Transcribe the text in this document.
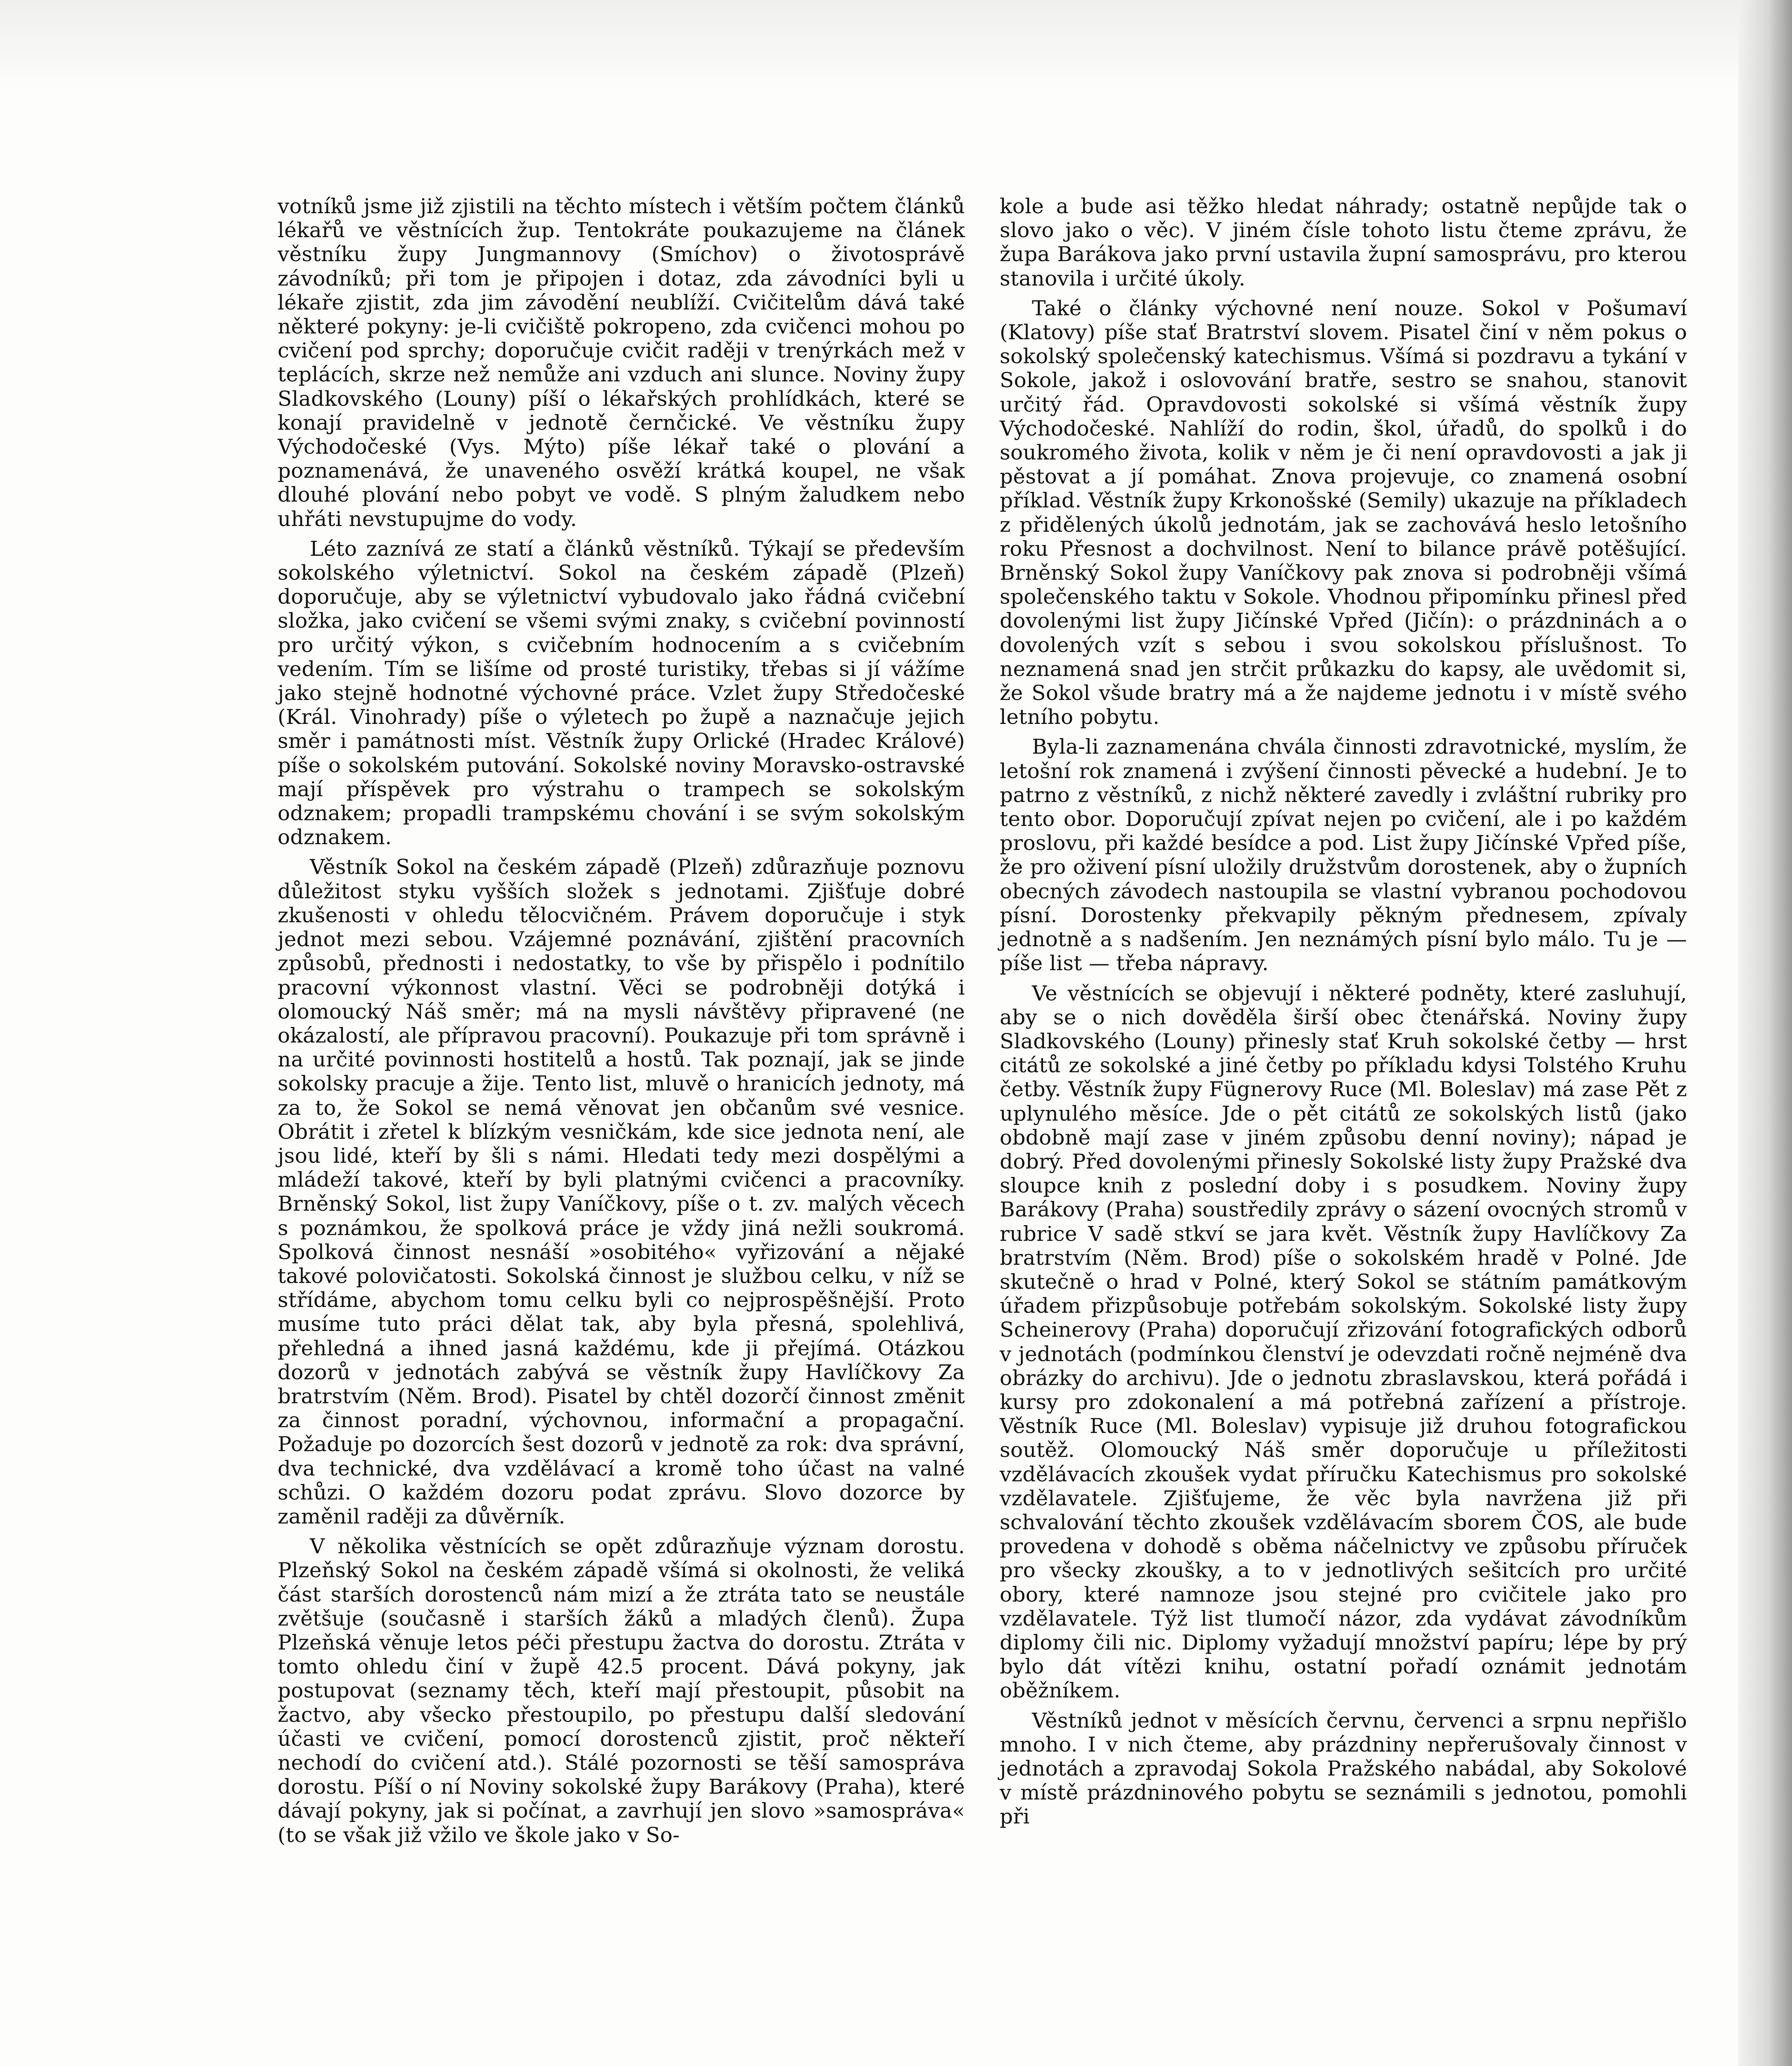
votníků jsme již zjistili na těchto místech i větším počtem článků lékařů ve věstnících žup. Tentokráte poukazujeme na článek věstníku župy Jungmannovy (Smíchov) o životosprávě závodníků; při tom je připojen i dotaz, zda závodníci byli u lékaře zjistit, zda jim závodění neublíží. Cvičitelům dává také některé pokyny: je-li cvičiště pokropeno, zda cvičenci mohou po cvičení pod sprchy; doporučuje cvičit raději v trenýrkách mež v teplácích, skrze než nemůže ani vzduch ani slunce. Noviny župy Sladkovského (Louny) píší o lékařských prohlídkách, které se konají pravidelně v jednotě černčické. Ve věstníku župy Východočeské (Vys. Mýto) píše lékař také o plování a poznamenává, že unaveného osvěží krátká koupel, ne však dlouhé plování nebo pobyt ve vodě. S plným žaludkem nebo uhřáti nevstupujme do vody.

Léto zaznívá ze statí a článků věstníků. Týkají se především sokolského výletnictví. Sokol na českém západě (Plzeň) doporučuje, aby se výletnictví vybudovalo jako řádná cvičební složka, jako cvičení se všemi svými znaky, s cvičební povinností pro určitý výkon, s cvičebním hodnocením a s cvičebním vedením. Tím se lišíme od prosté turistiky, třebas si jí vážíme jako stejně hodnotné výchovné práce. Vzlet župy Středočeské (Král. Vinohrady) píše o výletech po župě a naznačuje jejich směr i památnosti míst. Věstník župy Orlické (Hradec Králové) píše o sokolském putování. Sokolské noviny Moravsko-ostravské mají příspěvek pro výstrahu o trampech se sokolským odznakem; propadli trampskému chování i se svým sokolským odznakem.

Věstník Sokol na českém západě (Plzeň) zdůrazňuje poznovu důležitost styku vyšších složek s jednotami. Zjišťuje dobré zkušenosti v ohledu tělocvičném. Právem doporučuje i styk jednot mezi sebou. Vzájemné poznávání, zjištění pracovních způsobů, přednosti i nedostatky, to vše by přispělo i podnítilo pracovní výkonnost vlastní. Věci se podrobněji dotýká i olomoucký Náš směr; má na mysli návštěvy připravené (ne okázalostí, ale přípravou pracovní). Poukazuje při tom správně i na určité povinnosti hostitelů a hostů. Tak poznají, jak se jinde sokolsky pracuje a žije. Tento list, mluvě o hranicích jednoty, má za to, že Sokol se nemá věnovat jen občanům své vesnice. Obrátit i zřetel k blízkým vesničkám, kde sice jednota není, ale jsou lidé, kteří by šli s námi. Hledati tedy mezi dospělými a mládeží takové, kteří by byli platnými cvičenci a pracovníky. Brněnský Sokol, list župy Vaníčkovy, píše o t. zv. malých věcech s poznámkou, že spolková práce je vždy jiná nežli soukromá. Spolková činnost nesnáší »osobitého« vyřizování a nějaké takové polovičatosti. Sokolská činnost je službou celku, v níž se střídáme, abychom tomu celku byli co nejprospěšnější. Proto musíme tuto práci dělat tak, aby byla přesná, spolehlivá, přehledná a ihned jasná každému, kde ji přejímá. Otázkou dozorů v jednotách zabývá se věstník župy Havlíčkovy Za bratrstvím (Něm. Brod). Pisatel by chtěl dozorčí činnost změnit za činnost poradní, výchovnou, informační a propagační. Požaduje po dozorcích šest dozorů v jednotě za rok: dva správní, dva technické, dva vzdělávací a kromě toho účast na valné schůzi. O každém dozoru podat zprávu. Slovo dozorce by zaměnil raději za důvěrník.

V několika věstnících se opět zdůrazňuje význam dorostu. Plzeňský Sokol na českém západě všímá si okolnosti, že veliká část starších dorostenců nám mizí a že ztráta tato se neustále zvětšuje (současně i starších žáků a mladých členů). Župa Plzeňská věnuje letos péči přestupu žactva do dorostu. Ztráta v tomto ohledu činí v župě 42.5 procent. Dává pokyny, jak postupovat (seznamy těch, kteří mají přestoupit, působit na žactvo, aby všecko přestoupilo, po přestupu další sledování účasti ve cvičení, pomocí dorostenců zjistit, proč někteří nechodí do cvičení atd.). Stálé pozornosti se těší samospráva dorostu. Píší o ní Noviny sokolské župy Barákovy (Praha), které dávají pokyny, jak si počínat, a zavrhují jen slovo »samospráva« (to se však již vžilo ve škole jako v So-

kole a bude asi těžko hledat náhrady; ostatně nepůjde tak o slovo jako o věc). V jiném čísle tohoto listu čteme zprávu, že župa Barákova jako první ustavila župní samosprávu, pro kterou stanovila i určité úkoly.

Také o články výchovné není nouze. Sokol v Pošumaví (Klatovy) píše stať Bratrství slovem. Pisatel činí v něm pokus o sokolský společenský katechismus. Všímá si pozdravu a tykání v Sokole, jakož i oslovování bratře, sestro se snahou, stanovit určitý řád. Opravdovosti sokolské si všímá věstník župy Východočeské. Nahlíží do rodin, škol, úřadů, do spolků i do soukromého života, kolik v něm je či není opravdovosti a jak ji pěstovat a jí pomáhat. Znova projevuje, co znamená osobní příklad. Věstník župy Krkonošské (Semily) ukazuje na příkladech z přidělených úkolů jednotám, jak se zachovává heslo letošního roku Přesnost a dochvilnost. Není to bilance právě potěšující. Brněnský Sokol župy Vaníčkovy pak znova si podrobněji všímá společenského taktu v Sokole. Vhodnou připomínku přinesl před dovolenými list župy Jičínské Vpřed (Jičín): o prázdninách a o dovolených vzít s sebou i svou sokolskou příslušnost. To neznamená snad jen strčit průkazku do kapsy, ale uvědomit si, že Sokol všude bratry má a že najdeme jednotu i v místě svého letního pobytu.

Byla-li zaznamenána chvála činnosti zdravotnické, myslím, že letošní rok znamená i zvýšení činnosti pěvecké a hudební. Je to patrno z věstníků, z nichž některé zavedly i zvláštní rubriky pro tento obor. Doporučují zpívat nejen po cvičení, ale i po každém proslovu, při každé besídce a pod. List župy Jičínské Vpřed píše, že pro oživení písní uložily družstvům dorostenek, aby o župních obecných závodech nastoupila se vlastní vybranou pochodovou písní. Dorostenky překvapily pěkným přednesem, zpívaly jednotně a s nadšením. Jen neznámých písní bylo málo. Tu je — píše list — třeba nápravy.

Ve věstnících se objevují i některé podněty, které zasluhují, aby se o nich dověděla širší obec čtenářská. Noviny župy Sladkovského (Louny) přinesly stať Kruh sokolské četby — hrst citátů ze sokolské a jiné četby po příkladu kdysi Tolstého Kruhu četby. Věstník župy Fügnerovy Ruce (Ml. Boleslav) má zase Pět z uplynulého měsíce. Jde o pět citátů ze sokolských listů (jako obdobně mají zase v jiném způsobu denní noviny); nápad je dobrý. Před dovolenými přinesly Sokolské listy župy Pražské dva sloupce knih z poslední doby i s posudkem. Noviny župy Barákovy (Praha) soustředily zprávy o sázení ovocných stromů v rubrice V sadě stkví se jara květ. Věstník župy Havlíčkovy Za bratrstvím (Něm. Brod) píše o sokolském hradě v Polné. Jde skutečně o hrad v Polné, který Sokol se státním památkovým úřadem přizpůsobuje potřebám sokolským. Sokolské listy župy Scheinerovy (Praha) doporučují zřizování fotografických odborů v jednotách (podmínkou členství je odevzdati ročně nejméně dva obrázky do archivu). Jde o jednotu zbraslavskou, která pořádá i kursy pro zdokonalení a má potřebná zařízení a přístroje. Věstník Ruce (Ml. Boleslav) vypisuje již druhou fotografickou soutěž. Olomoucký Náš směr doporučuje u příležitosti vzdělávacích zkoušek vydat příručku Katechismus pro sokolské vzdělavatele. Zjišťujeme, že věc byla navržena již při schvalování těchto zkoušek vzdělávacím sborem ČOS, ale bude provedena v dohodě s oběma náčelnictvy ve způsobu příruček pro všecky zkoušky, a to v jednotlivých sešitcích pro určité obory, které namnoze jsou stejné pro cvičitele jako pro vzdělavatele. Týž list tlumočí názor, zda vydávat závodníkům diplomy čili nic. Diplomy vyžadují množství papíru; lépe by prý bylo dát vítězi knihu, ostatní pořadí oznámit jednotám oběžníkem.

Věstníků jednot v měsících červnu, červenci a srpnu nepřišlo mnoho. I v nich čteme, aby prázdniny nepřerušovaly činnost v jednotách a zpravodaj Sokola Pražského nabádal, aby Sokolové v místě prázdninového pobytu se seznámili s jednotou, pomohli při
